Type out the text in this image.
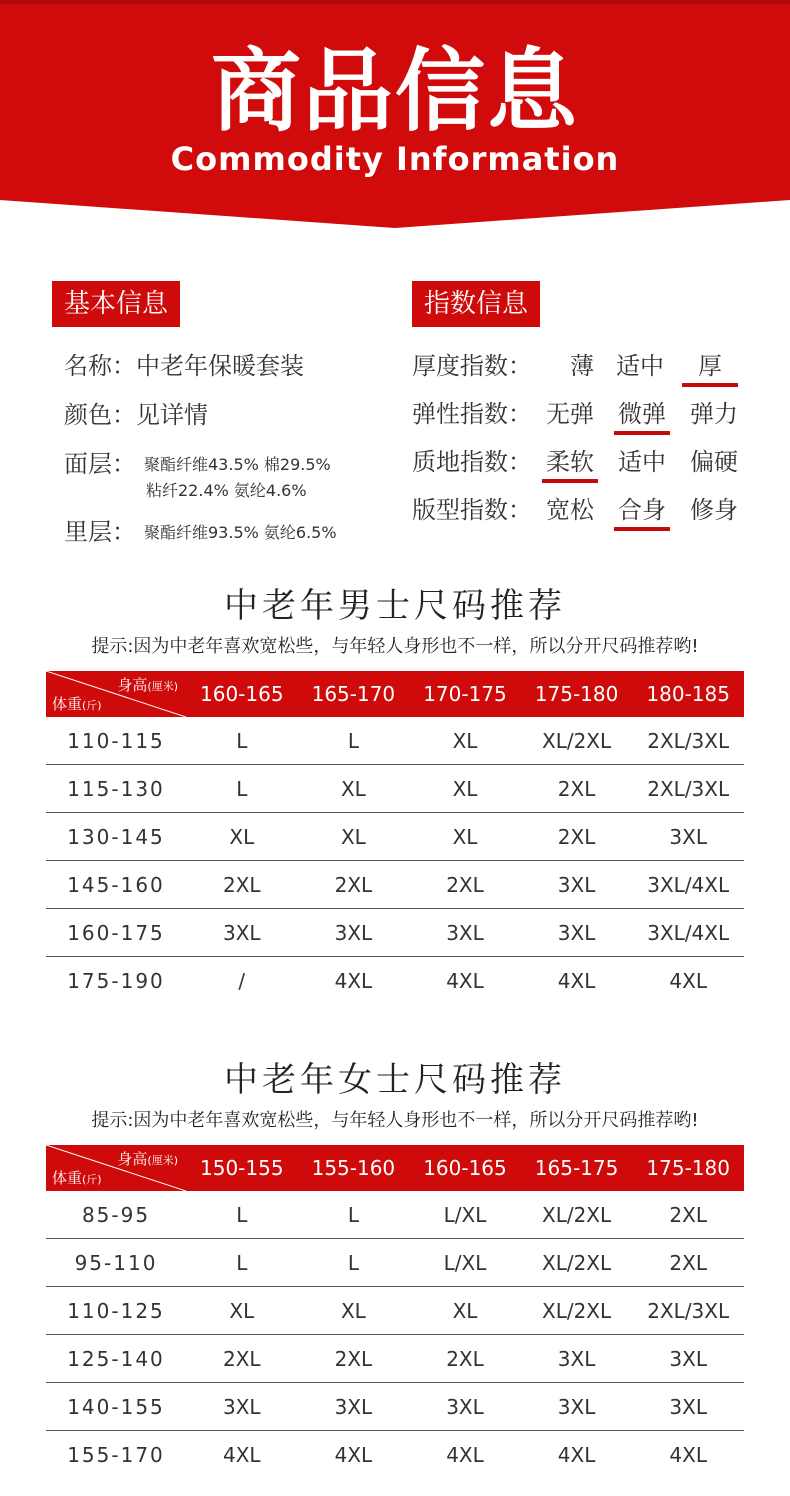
商品信息
Commodity Information
基本信息
名称：中老年保暖套装
颜色：见详情
面层： 聚酯纤维43.5% 棉29.5%
粘纤22.4% 氨纶4.6%
里层： 聚酯纤维93.5% 氨纶6.5%
指数信息
厚度指数：	薄 适中	厚
弹性指数： 无弹 微弹 弹力
质地指数： 柔软 适中 偏硬
版型指数： 宽松 合身 修身
中老年男士尺码推荐
提示:因为中老年喜欢宽松些，与年轻人身形也不一样，所以分开尺码推荐哟!
身高(厘米)
体重(斤)	160-165	165-170	170-175	175-180	180-185
110-115	L	L	XL	XL/2XL	2XL/3XL
115-130	L	XL	XL	2XL	2XL/3XL
130-145	XL	XL	XL	2XL	3XL
145-160	2XL	2XL	2XL	3XL	3XL/4XL
160-175	3XL	3XL	3XL	3XL	3XL/4XL
175-190	/	4XL	4XL	4XL	4XL
中老年女士尺码推荐
提示:因为中老年喜欢宽松些，与年轻人身形也不一样，所以分开尺码推荐哟!
身高(厘米)
体重(斤)	150-155	155-160	160-165	165-175	175-180
85-95	L	L	L/XL	XL/2XL	2XL
95-110	L	L	L/XL	XL/2XL	2XL
110-125	XL	XL	XL	XL/2XL	2XL/3XL
125-140	2XL	2XL	2XL	3XL	3XL
140-155	3XL	3XL	3XL	3XL	3XL
155-170	4XL	4XL	4XL	4XL	4XL
